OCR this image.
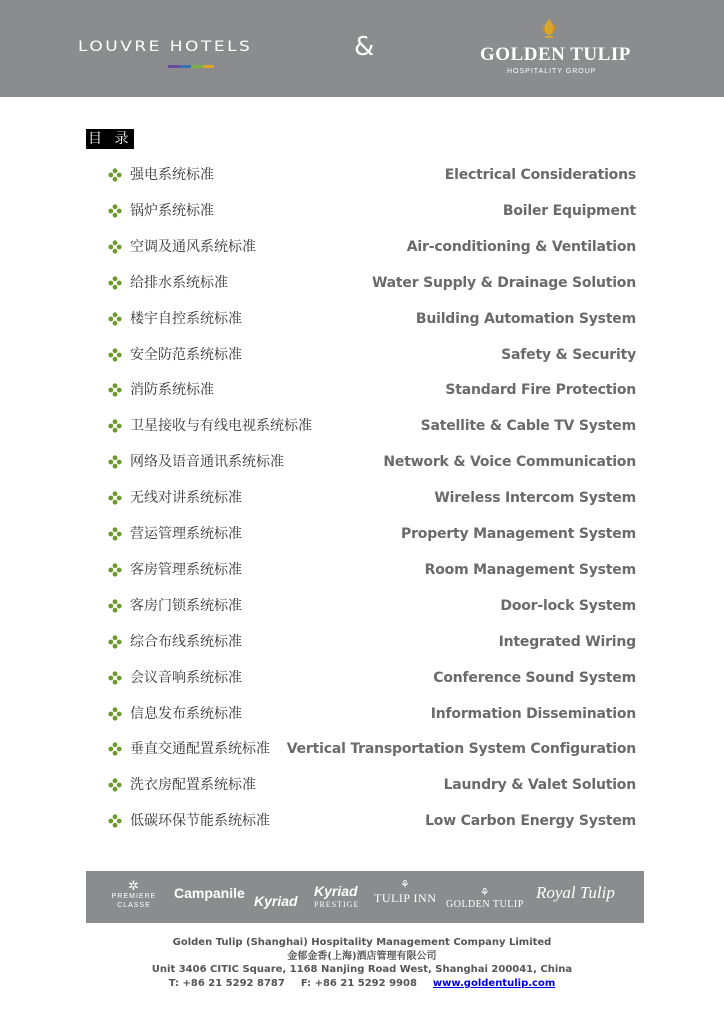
LOUVRE HOTELS	&	GOLDEN TULIP
HOSPITALITY GROUP
目 录
强电系统标准	Electrical Considerations
锅炉系统标准	Boiler Equipment
空调及通风系统标准	Air-conditioning & Ventilation
给排水系统标准	Water Supply & Drainage Solution
楼宇自控系统标准	Building Automation System
安全防范系统标准	Safety & Security
消防系统标准	Standard Fire Protection
卫星接收与有线电视系统标准	Satellite & Cable TV System
网络及语音通讯系统标准	Network & Voice Communication
无线对讲系统标准	Wireless Intercom System
营运管理系统标准	Property Management System
客房管理系统标准	Room Management System
客房门锁系统标准	Door-lock System
综合布线系统标准	Integrated Wiring
会议音响系统标准	Conference Sound System
信息发布系统标准	Information Dissemination
垂直交通配置系统标准 Vertical Transportation System Configuration
洗衣房配置系统标准	Laundry & Valet Solution
低碳环保节能系统标准	Low Carbon Energy System
✲
PREMIERE
CLASSE
Campanile Kyriad
Kyriad
PRESTIGE
⚘
TULIP INN	⚘
GOLDEN TULIP
Royal Tulip
Golden Tulip (Shanghai) Hospitality Management Company Limited
金郁金香(上海)酒店管理有限公司
Unit 3406 CITIC Square, 1168 Nanjing Road West, Shanghai 200041, China
T: +86 21 5292 8787 F: +86 21 5292 9908 www.goldentulip.com
